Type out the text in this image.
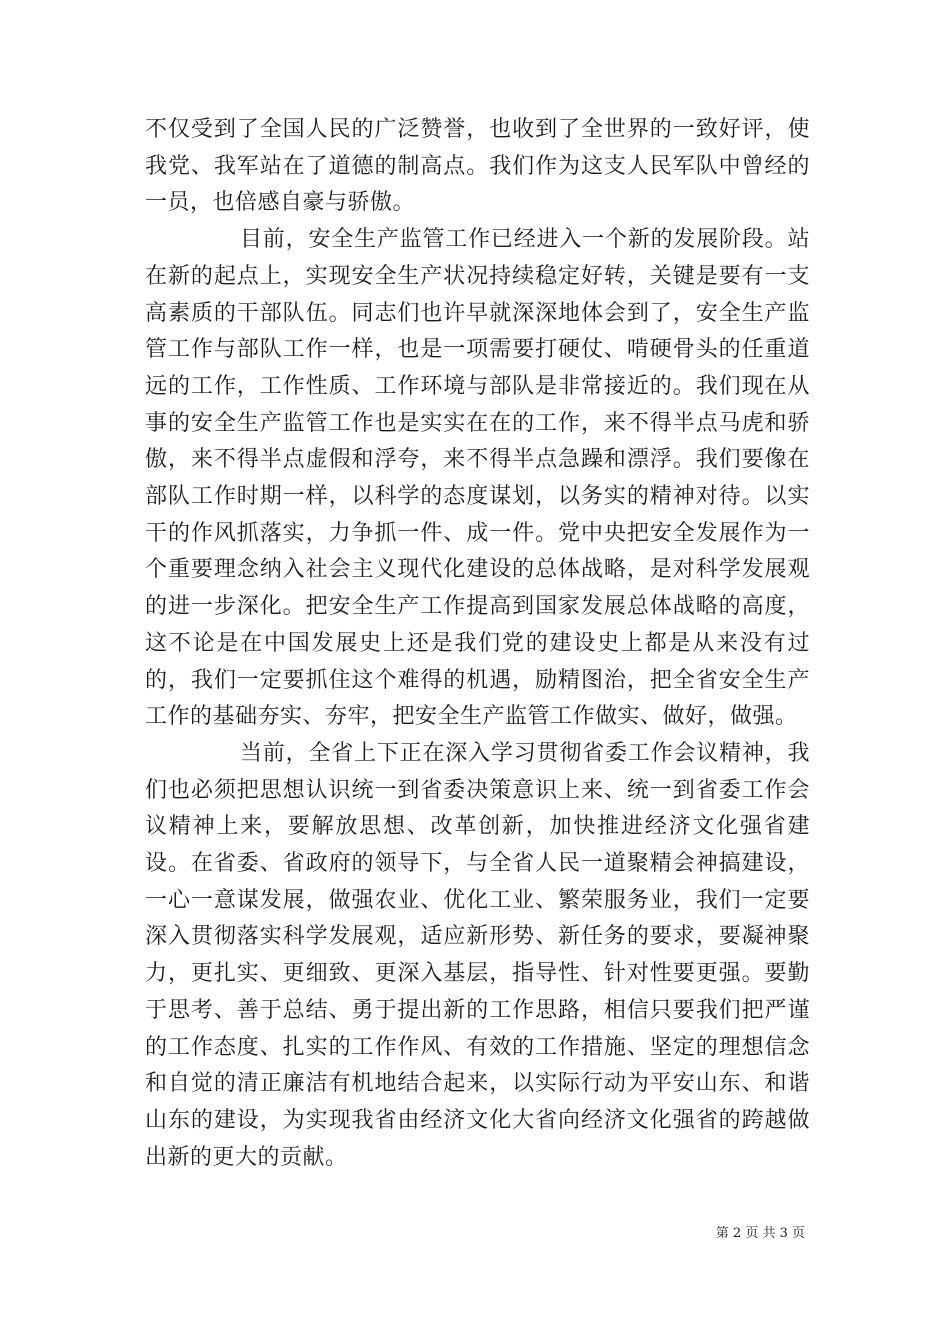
不仅受到了全国人民的广泛赞誉，也收到了全世界的一致好评，使我党、我军站在了道德的制高点。我们作为这支人民军队中曾经的一员，也倍感自豪与骄傲。

目前，安全生产监管工作已经进入一个新的发展阶段。站在新的起点上，实现安全生产状况持续稳定好转，关键是要有一支高素质的干部队伍。同志们也许早就深深地体会到了，安全生产监管工作与部队工作一样，也是一项需要打硬仗、啃硬骨头的任重道远的工作，工作性质、工作环境与部队是非常接近的。我们现在从事的安全生产监管工作也是实实在在的工作，来不得半点马虎和骄傲，来不得半点虚假和浮夸，来不得半点急躁和漂浮。我们要像在部队工作时期一样，以科学的态度谋划，以务实的精神对待。以实干的作风抓落实，力争抓一件、成一件。党中央把安全发展作为一个重要理念纳入社会主义现代化建设的总体战略，是对科学发展观的进一步深化。把安全生产工作提高到国家发展总体战略的高度，这不论是在中国发展史上还是我们党的建设史上都是从来没有过的，我们一定要抓住这个难得的机遇，励精图治，把全省安全生产工作的基础夯实、夯牢，把安全生产监管工作做实、做好，做强。

当前，全省上下正在深入学习贯彻省委工作会议精神，我们也必须把思想认识统一到省委决策意识上来、统一到省委工作会议精神上来，要解放思想、改革创新，加快推进经济文化强省建设。在省委、省政府的领导下，与全省人民一道聚精会神搞建设，一心一意谋发展，做强农业、优化工业、繁荣服务业，我们一定要深入贯彻落实科学发展观，适应新形势、新任务的要求，要凝神聚力，更扎实、更细致、更深入基层，指导性、针对性要更强。要勤于思考、善于总结、勇于提出新的工作思路，相信只要我们把严谨的工作态度、扎实的工作作风、有效的工作措施、坚定的理想信念和自觉的清正廉洁有机地结合起来，以实际行动为平安山东、和谐山东的建设，为实现我省由经济文化大省向经济文化强省的跨越做出新的更大的贡献。

第 2 页 共 3 页
